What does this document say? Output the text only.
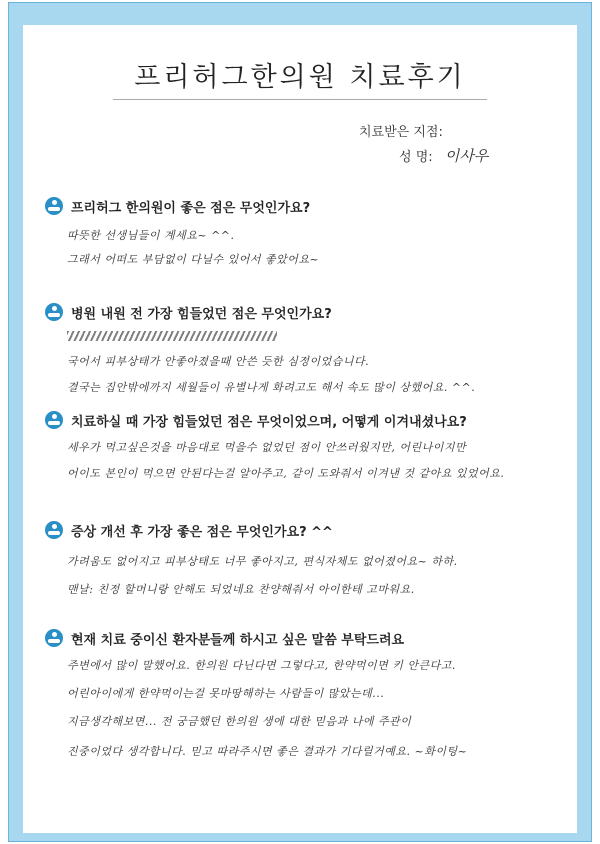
프리허그한의원 치료후기
치료받은 지점:
성 명: 이사우
프리허그 한의원이 좋은 점은 무엇인가요?
따뜻한 선생님들이 계세요~ ^^.
그래서 어떠도 부담없이 다닐수 있어서 좋았어요~
병원 내원 전 가장 힘들었던 점은 무엇인가요?
국어서 피부상태가 안좋아졌을때 안쓴 듯한 심정이었습니다.
결국는 집안밖에까지 세월들이 유별나게 화려고도 해서 속도 많이 상했어요. ^^.
치료하실 때 가장 힘들었던 점은 무엇이었으며, 어떻게 이겨내셨나요?
세우가 먹고싶은것을 마음대로 먹을수 없었던 점이 안쓰러웠지만, 어린나이지만
어이도 본인이 먹으면 안된다는걸 알아주고, 같이 도와줘서 이겨낸 것 같아요 있었어요.
증상 개선 후 가장 좋은 점은 무엇인가요? ^^
가려움도 없어지고 피부상태도 너무 좋아지고, 편식자체도 없어졌어요~ 하하.
맨날: 친정 할머니랑 안해도 되었네요 찬양해줘서 아이한테 고마워요.
현재 치료 중이신 환자분들께 하시고 싶은 말씀 부탁드려요
주변에서 많이 말했어요. 한의원 다닌다면 그렇다고, 한약먹이면 키 안큰다고.
어린아이에게 한약먹이는걸 못마땅해하는 사람들이 많았는데...
지금생각해보면... 전 궁금했던 한의원 생에 대한 믿음과 나에 주관이
진중이었다 생각합니다. 믿고 따라주시면 좋은 결과가 기다릴거예요. ~화이팅~
